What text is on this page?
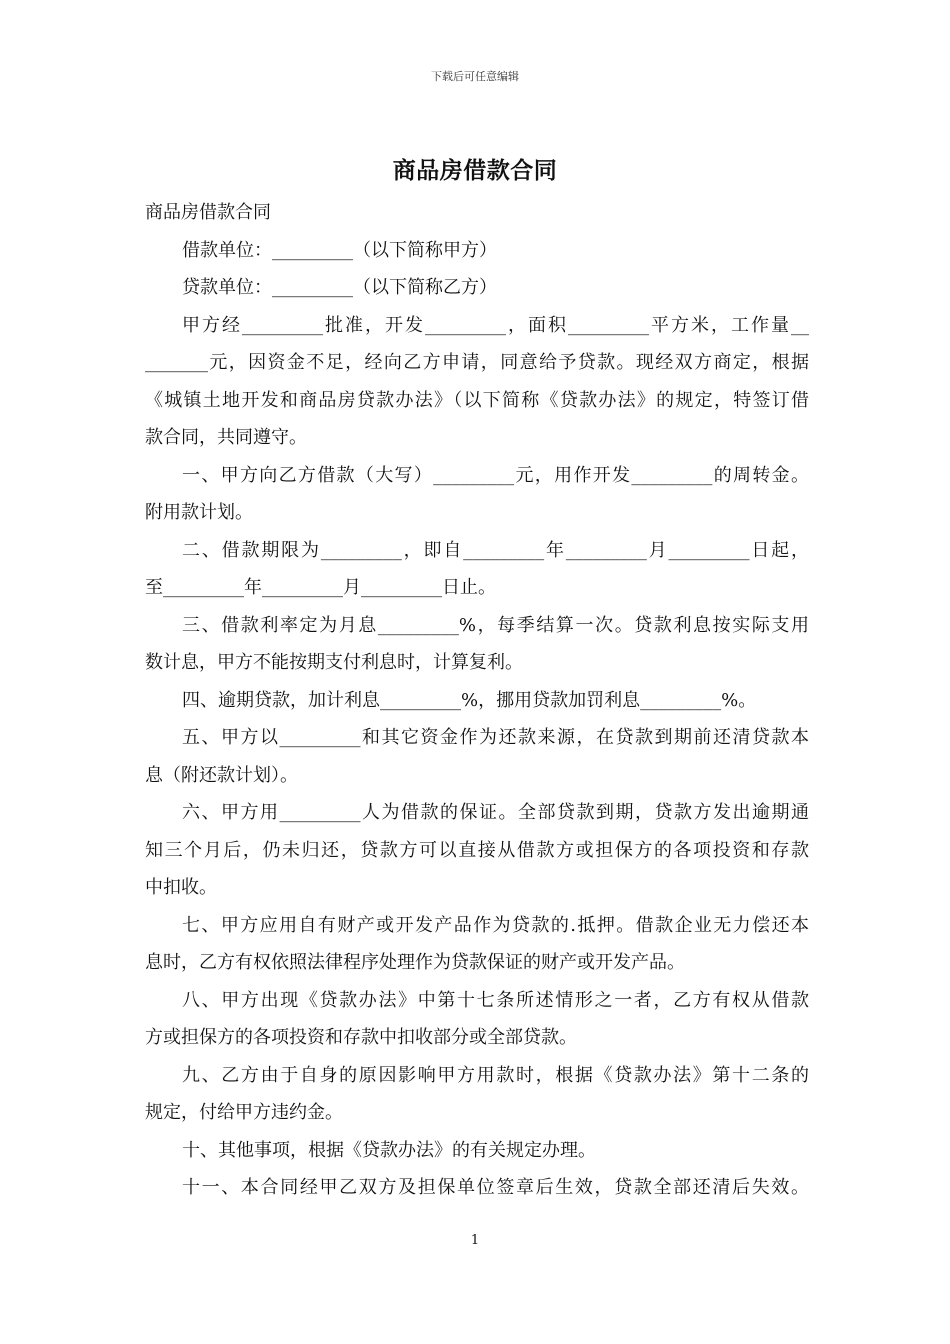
下载后可任意编辑
商品房借款合同
商品房借款合同
借款单位：_________（以下简称甲方）
贷款单位：_________（以下简称乙方）
甲方经_________批准，开发_________，面积_________平方米，工作量__
_______元，因资金不足，经向乙方申请，同意给予贷款。现经双方商定，根据
《城镇土地开发和商品房贷款办法》（以下简称《贷款办法》的规定，特签订借
款合同，共同遵守。
一、甲方向乙方借款（大写）_________元，用作开发_________的周转金。
附用款计划。
二、借款期限为_________，即自_________年_________月_________日起，
至_________年_________月_________日止。
三、借款利率定为月息_________%，每季结算一次。贷款利息按实际支用
数计息，甲方不能按期支付利息时，计算复利。
四、逾期贷款，加计利息_________%，挪用贷款加罚利息_________%。
五、甲方以_________和其它资金作为还款来源，在贷款到期前还清贷款本
息（附还款计划）。
六、甲方用_________人为借款的保证。全部贷款到期，贷款方发出逾期通
知三个月后，仍未归还，贷款方可以直接从借款方或担保方的各项投资和存款
中扣收。
七、甲方应用自有财产或开发产品作为贷款的.抵押。借款企业无力偿还本
息时，乙方有权依照法律程序处理作为贷款保证的财产或开发产品。
八、甲方出现《贷款办法》中第十七条所述情形之一者，乙方有权从借款
方或担保方的各项投资和存款中扣收部分或全部贷款。
九、乙方由于自身的原因影响甲方用款时，根据《贷款办法》第十二条的
规定，付给甲方违约金。
十、其他事项，根据《贷款办法》的有关规定办理。
十一、本合同经甲乙双方及担保单位签章后生效，贷款全部还清后失效。
1
